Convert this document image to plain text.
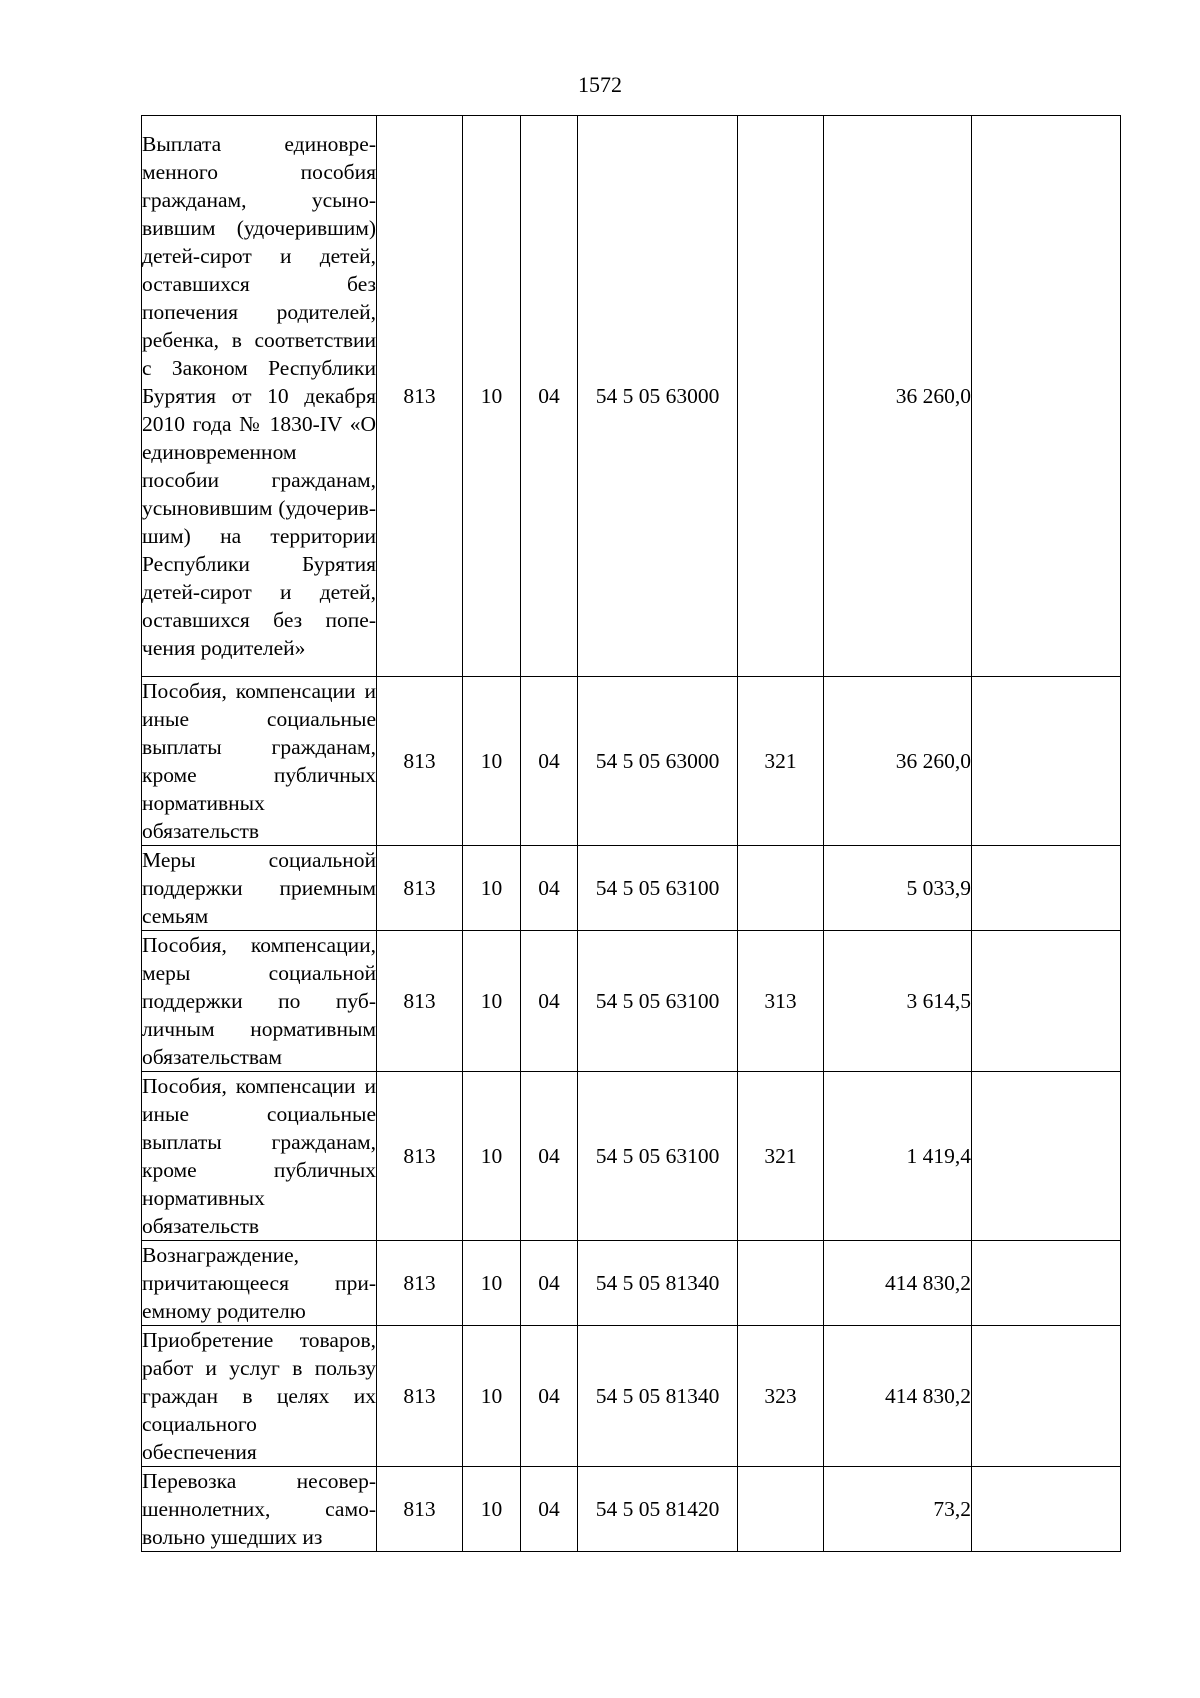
1572
Выплата единовременного пособия гражданам, усыновившим (удочерившим) детей-сирот и детей, оставшихся без попечения родителей, ребенка, в соответствии с Законом Республики Бурятия от 10 декабря 2010 года № 1830-IV «О единовременном пособии гражданам, усыновившим (удочерившим) на территории Республики Бурятия детей-сирот и детей, оставшихся без попечения родителей»	813	10	04	54 5 05 63000		36 260,0	
Пособия, компенсации и иные социальные выплаты гражданам, кроме публичных нормативных обязательств	813	10	04	54 5 05 63000	321	36 260,0	
Меры социальной поддержки приемным семьям	813	10	04	54 5 05 63100		5 033,9	
Пособия, компенсации, меры социальной поддержки по публичным нормативным обязательствам	813	10	04	54 5 05 63100	313	3 614,5	
Пособия, компенсации и иные социальные выплаты гражданам, кроме публичных нормативных обязательств	813	10	04	54 5 05 63100	321	1 419,4	
Вознаграждение, причитающееся приемному родителю	813	10	04	54 5 05 81340		414 830,2	
Приобретение товаров, работ и услуг в пользу граждан в целях их социального обеспечения	813	10	04	54 5 05 81340	323	414 830,2	
Перевозка несовершеннолетних, самовольно ушедших из	813	10	04	54 5 05 81420		73,2	
